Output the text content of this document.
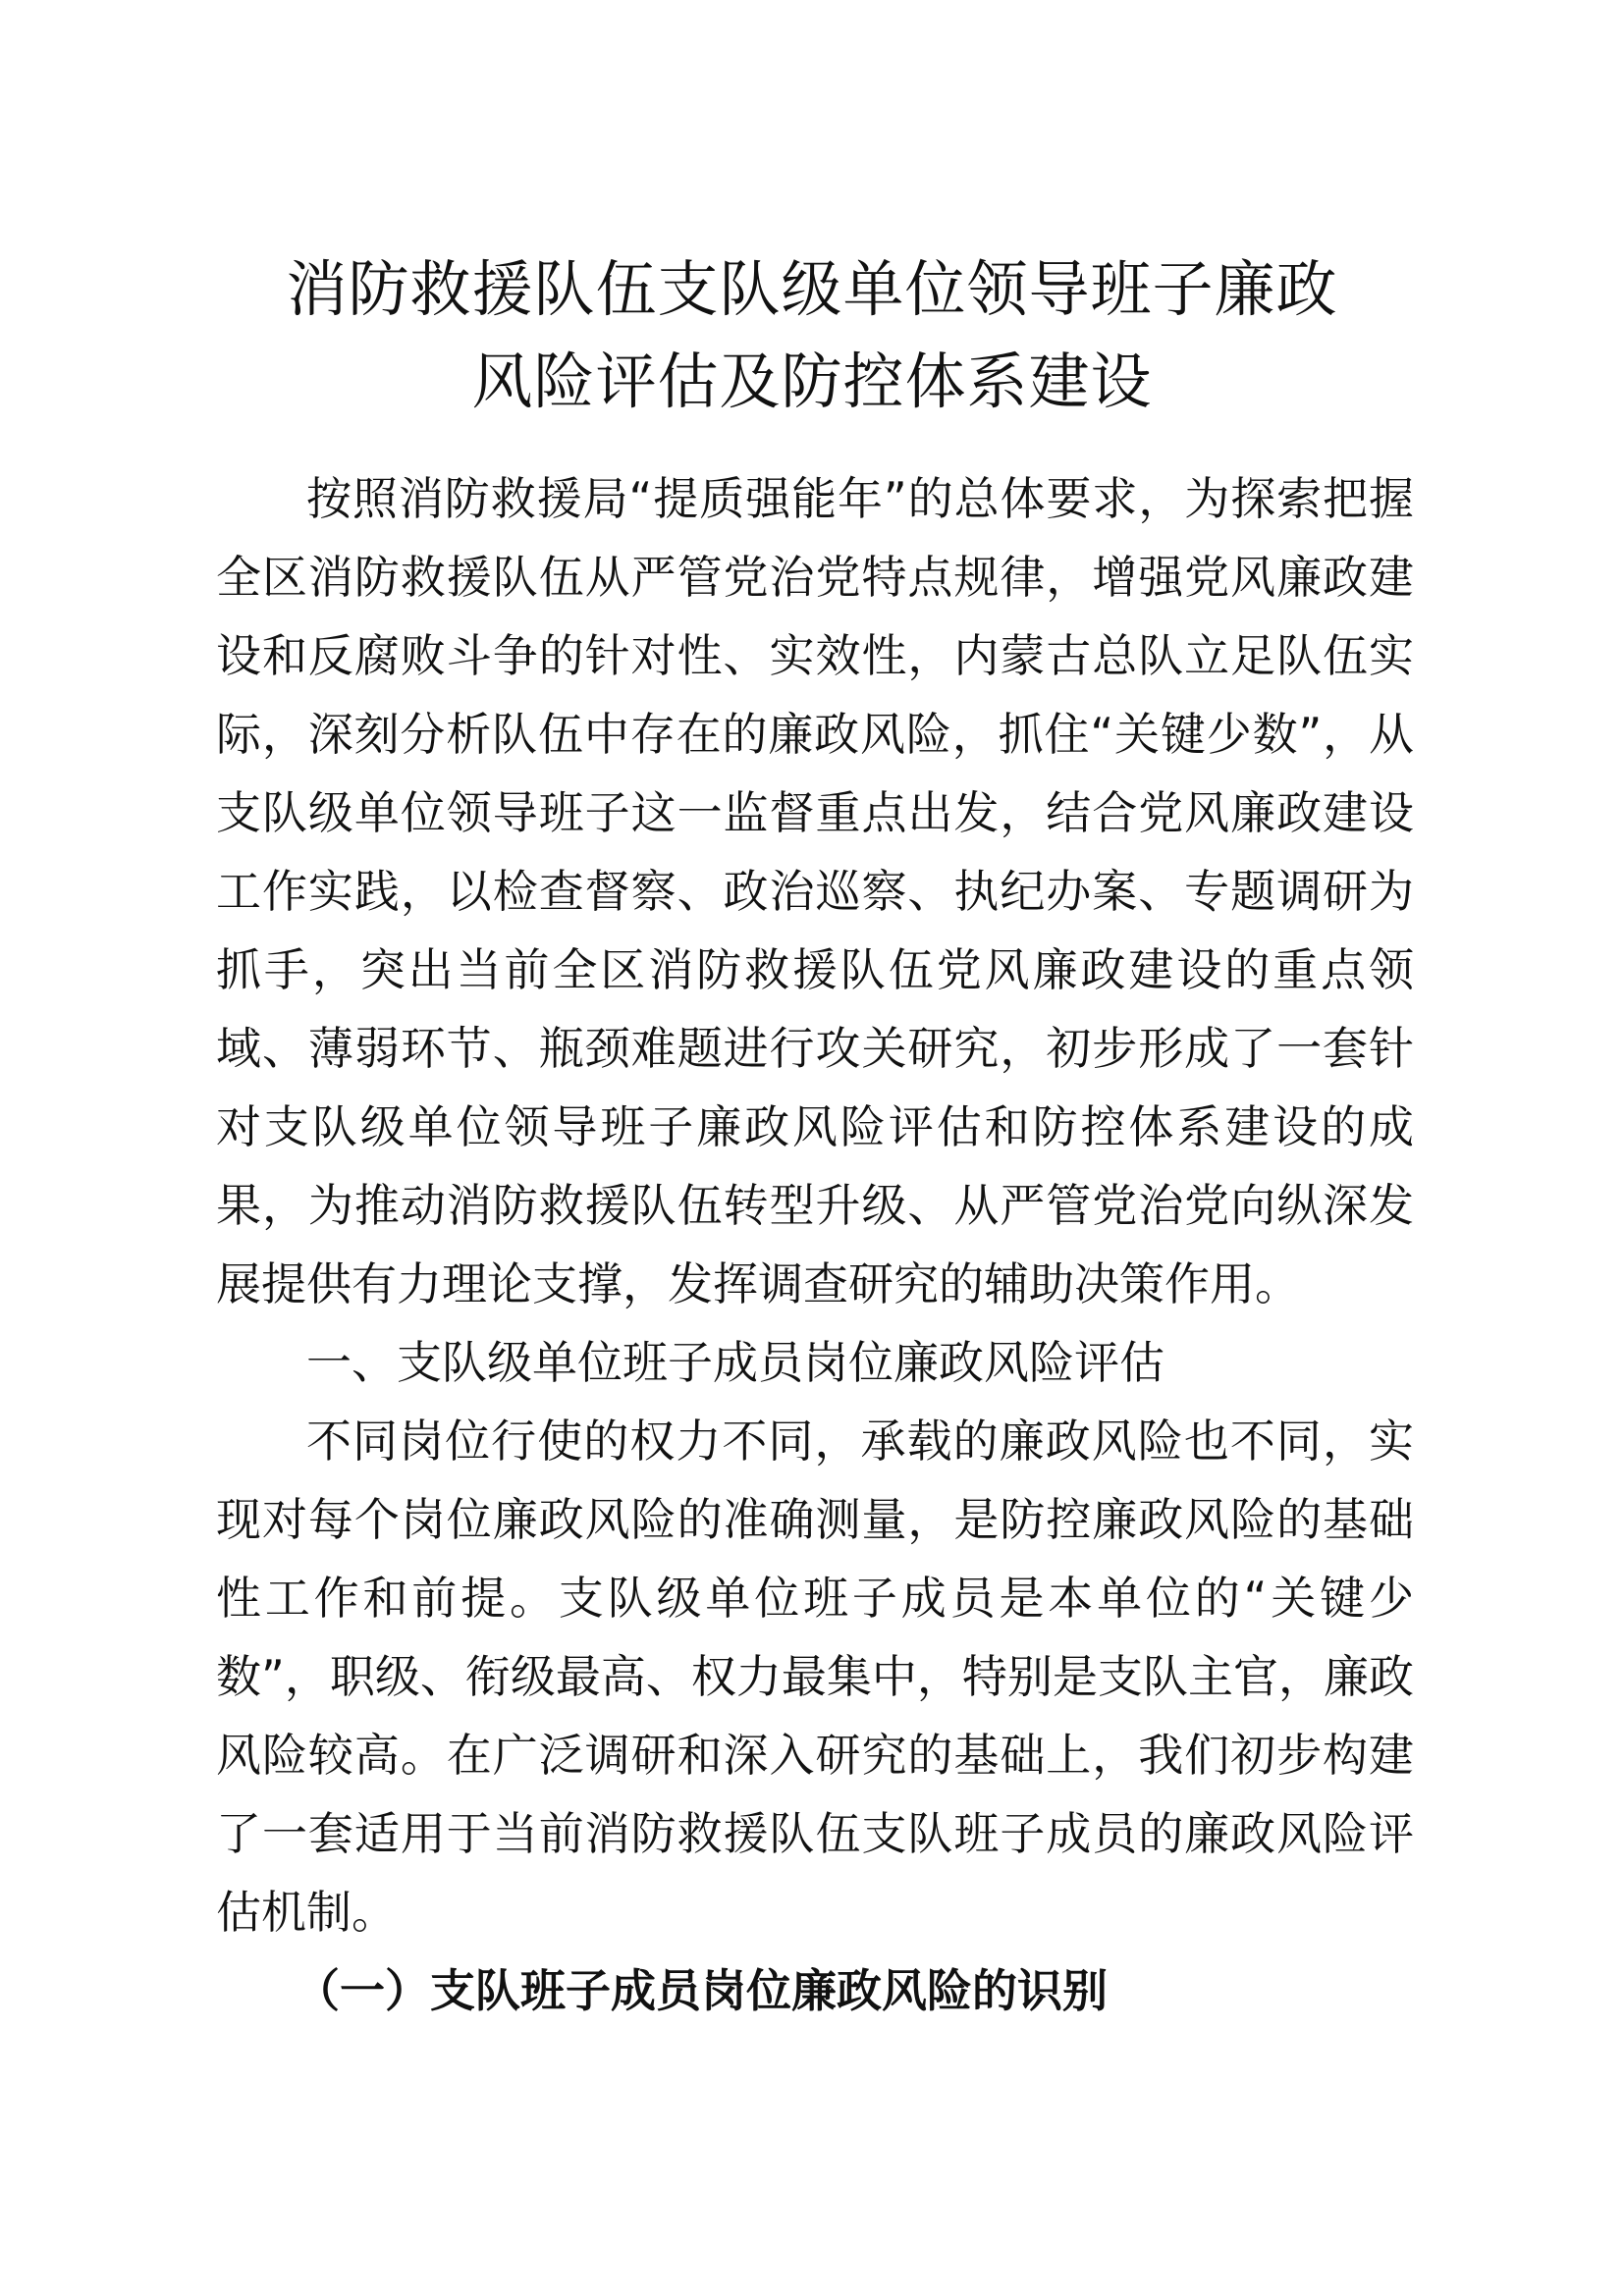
消防救援队伍支队级单位领导班子廉政
风险评估及防控体系建设

按照消防救援局“提质强能年”的总体要求，为探索把握全区消防救援队伍从严管党治党特点规律，增强党风廉政建设和反腐败斗争的针对性、实效性，内蒙古总队立足队伍实际，深刻分析队伍中存在的廉政风险，抓住“关键少数”，从支队级单位领导班子这一监督重点出发，结合党风廉政建设工作实践，以检查督察、政治巡察、执纪办案、专题调研为抓手，突出当前全区消防救援队伍党风廉政建设的重点领域、薄弱环节、瓶颈难题进行攻关研究，初步形成了一套针对支队级单位领导班子廉政风险评估和防控体系建设的成果，为推动消防救援队伍转型升级、从严管党治党向纵深发展提供有力理论支撑，发挥调查研究的辅助决策作用。

一、支队级单位班子成员岗位廉政风险评估

不同岗位行使的权力不同，承载的廉政风险也不同，实现对每个岗位廉政风险的准确测量，是防控廉政风险的基础性工作和前提。支队级单位班子成员是本单位的“关键少数”，职级、衔级最高、权力最集中，特别是支队主官，廉政风险较高。在广泛调研和深入研究的基础上，我们初步构建了一套适用于当前消防救援队伍支队班子成员的廉政风险评估机制。

（一）支队班子成员岗位廉政风险的识别
